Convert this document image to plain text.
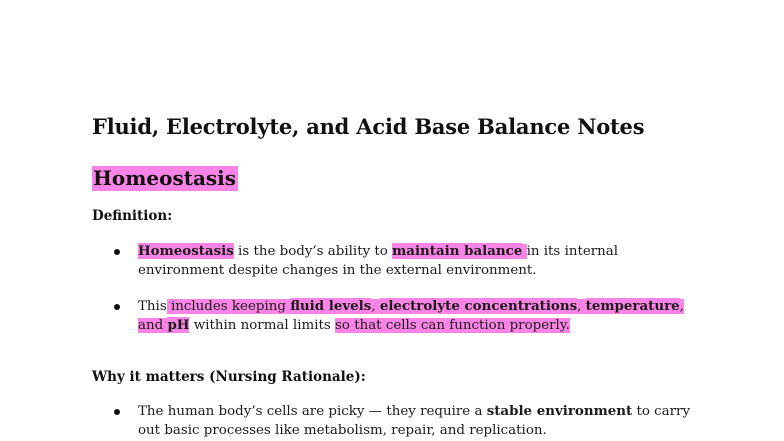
Fluid, Electrolyte, and Acid Base Balance Notes
Homeostasis
Definition:
Homeostasis is the body’s ability to maintain balance in its internal environment despite changes in the external environment.
This includes keeping fluid levels, electrolyte concentrations, temperature, and pH within normal limits so that cells can function properly.
Why it matters (Nursing Rationale):
The human body’s cells are picky — they require a stable environment to carry out basic processes like metabolism, repair, and replication.
